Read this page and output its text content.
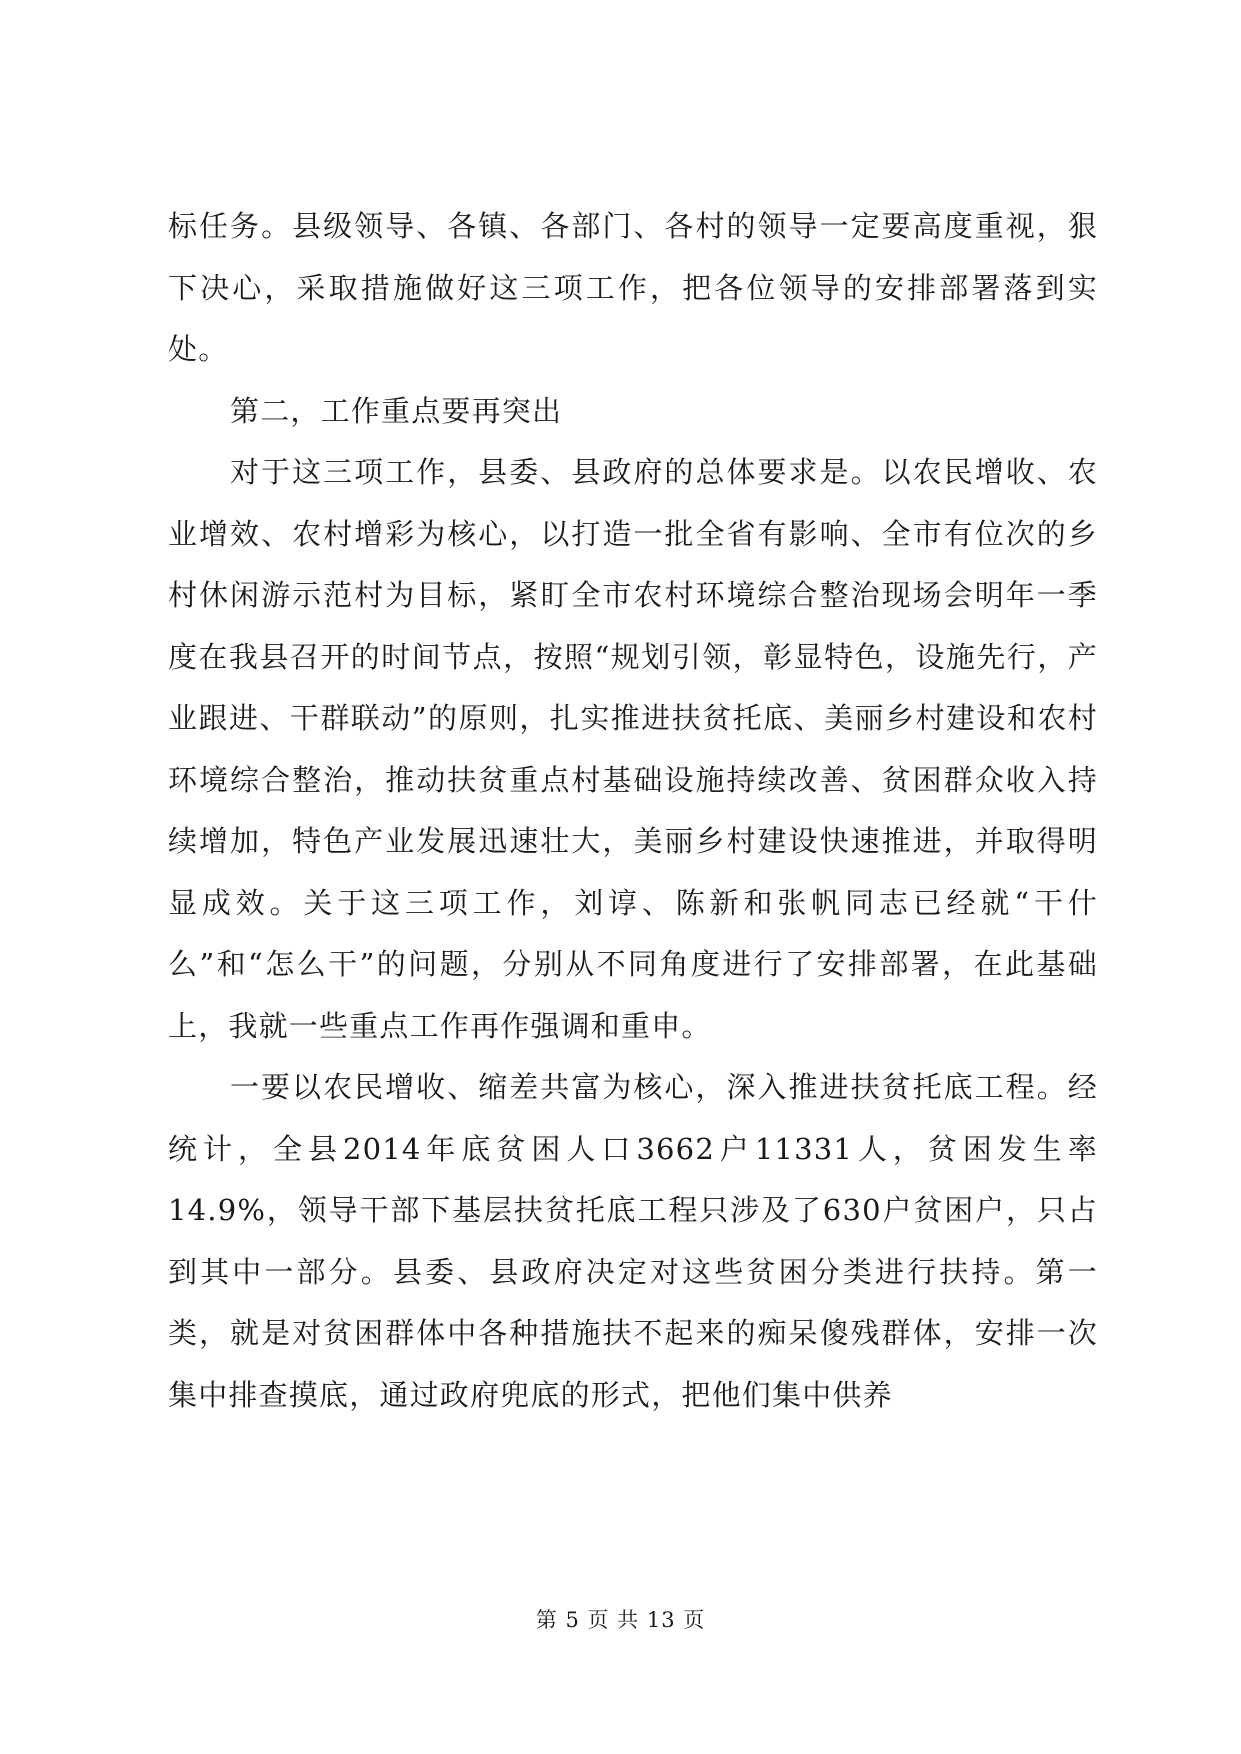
标任务。县级领导、各镇、各部门、各村的领导一定要高度重视，狠下决心，采取措施做好这三项工作，把各位领导的安排部署落到实处。

第二，工作重点要再突出

对于这三项工作，县委、县政府的总体要求是。以农民增收、农业增效、农村增彩为核心，以打造一批全省有影响、全市有位次的乡村休闲游示范村为目标，紧盯全市农村环境综合整治现场会明年一季度在我县召开的时间节点，按照“规划引领，彰显特色，设施先行，产业跟进、干群联动”的原则，扎实推进扶贫托底、美丽乡村建设和农村环境综合整治，推动扶贫重点村基础设施持续改善、贫困群众收入持续增加，特色产业发展迅速壮大，美丽乡村建设快速推进，并取得明显成效。关于这三项工作，刘谆、陈新和张帆同志已经就“干什么”和“怎么干”的问题，分别从不同角度进行了安排部署，在此基础上，我就一些重点工作再作强调和重申。

一要以农民增收、缩差共富为核心，深入推进扶贫托底工程。经统计，全县2014年底贫困人口3662户11331人，贫困发生率14.9%，领导干部下基层扶贫托底工程只涉及了630户贫困户，只占到其中一部分。县委、县政府决定对这些贫困分类进行扶持。第一类，就是对贫困群体中各种措施扶不起来的痴呆傻残群体，安排一次集中排查摸底，通过政府兜底的形式，把他们集中供养

第 5 页 共 13 页
